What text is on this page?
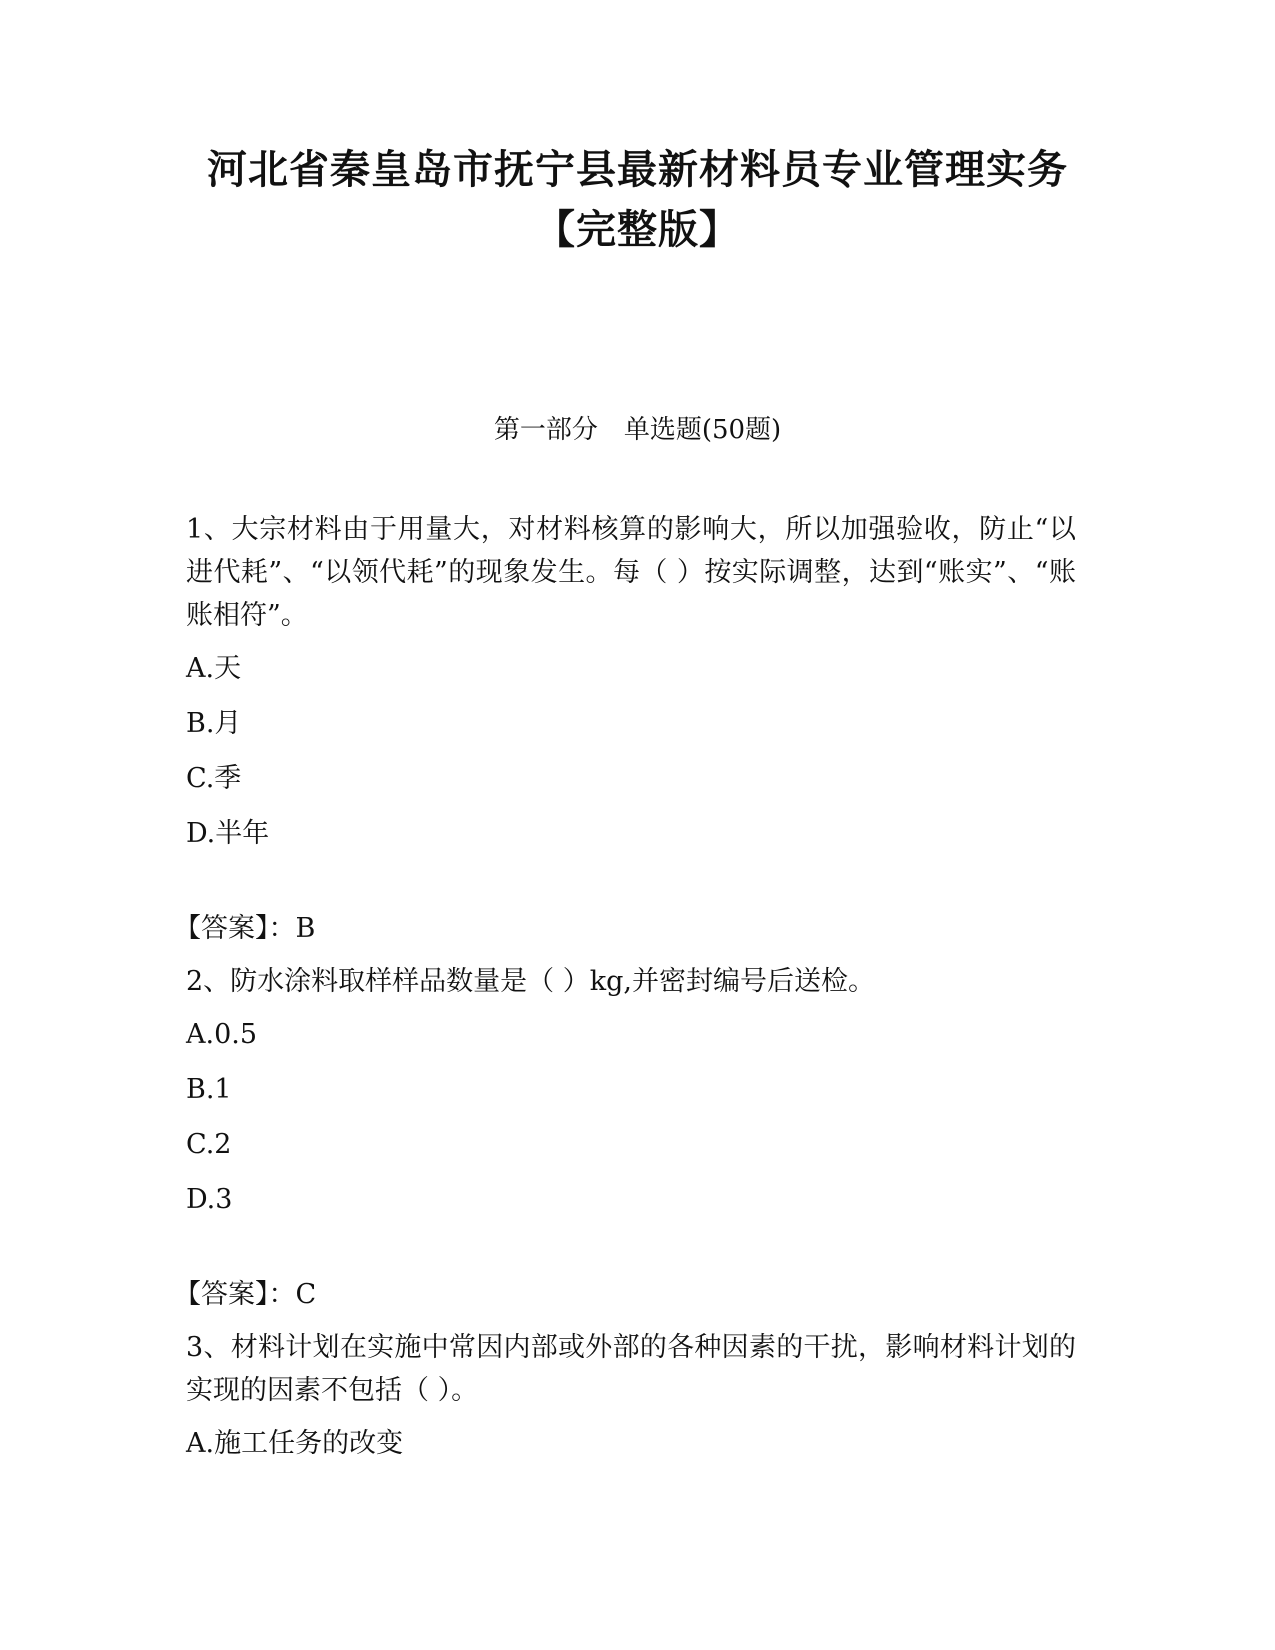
河北省秦皇岛市抚宁县最新材料员专业管理实务
【完整版】
第一部分　单选题(50题)

1、大宗材料由于用量大，对材料核算的影响大，所以加强验收，防止“以进代耗”、“以领代耗”的现象发生。每（ ）按实际调整，达到“账实”、“账账相符”。

A.天

B.月

C.季

D.半年

【答案】：B

2、防水涂料取样样品数量是（ ）kg,并密封编号后送检。

A.0.5

B.1

C.2

D.3

【答案】：C

3、材料计划在实施中常因内部或外部的各种因素的干扰，影响材料计划的实现的因素不包括（ ）。

A.施工任务的改变
